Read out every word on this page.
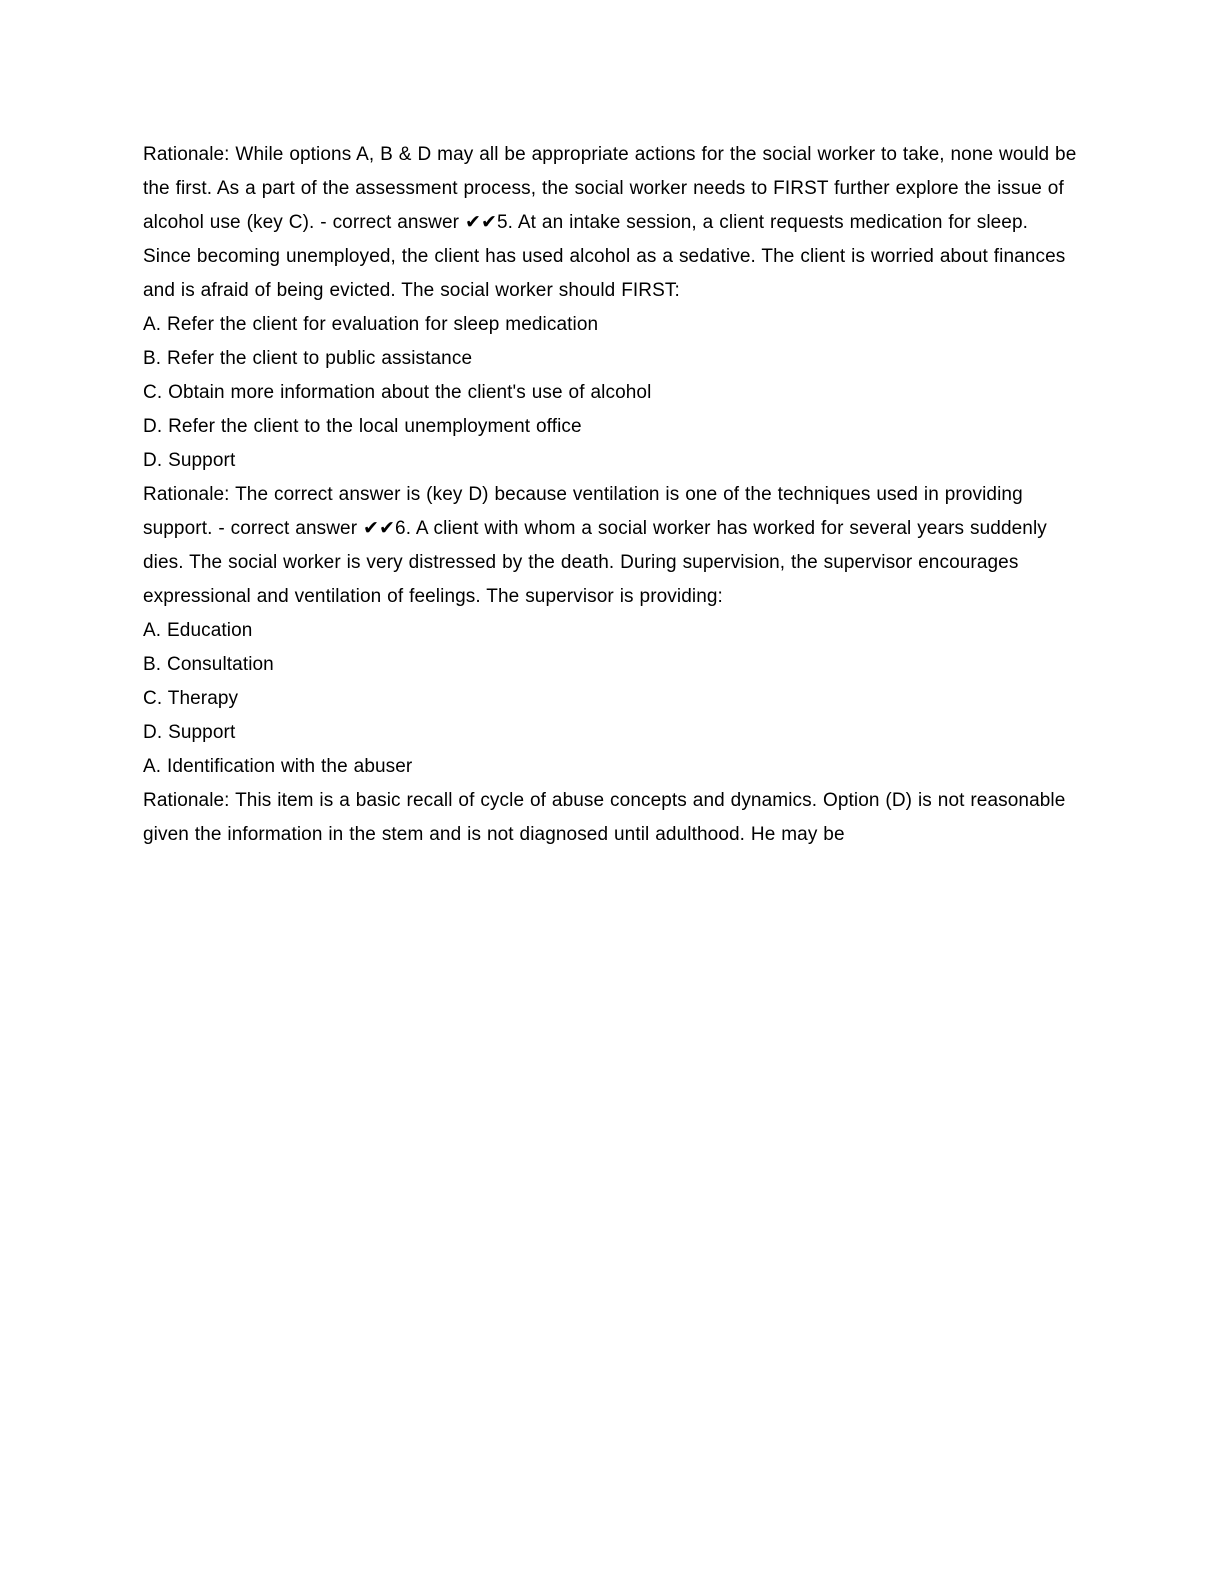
Rationale: While options A, B & D may all be appropriate actions for the social worker to take, none would be the first. As a part of the assessment process, the social worker needs to FIRST further explore the issue of alcohol use (key C). - correct answer ✔✔5. At an intake session, a client requests medication for sleep. Since becoming unemployed, the client has used alcohol as a sedative. The client is worried about finances and is afraid of being evicted. The social worker should FIRST:

A. Refer the client for evaluation for sleep medication

B. Refer the client to public assistance

C. Obtain more information about the client's use of alcohol

D. Refer the client to the local unemployment office

D. Support

Rationale: The correct answer is (key D) because ventilation is one of the techniques used in providing support. - correct answer ✔✔6. A client with whom a social worker has worked for several years suddenly dies. The social worker is very distressed by the death. During supervision, the supervisor encourages expressional and ventilation of feelings. The supervisor is providing:

A. Education

B. Consultation

C. Therapy

D. Support

A. Identification with the abuser

Rationale: This item is a basic recall of cycle of abuse concepts and dynamics. Option (D) is not reasonable given the information in the stem and is not diagnosed until adulthood. He may be
